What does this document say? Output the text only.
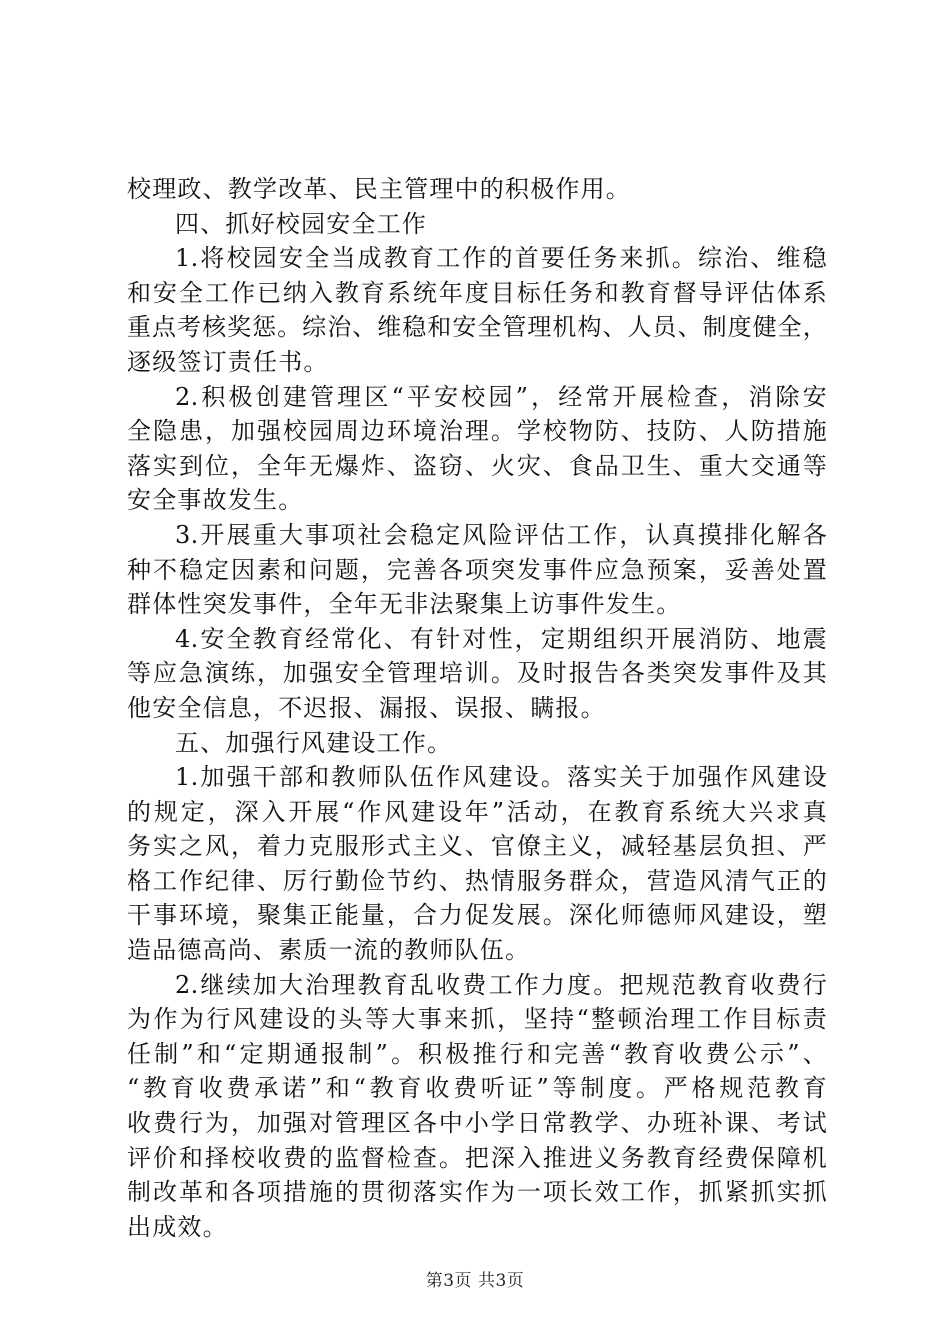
校理政、教学改革、民主管理中的积极作用。
四、抓好校园安全工作
1.将校园安全当成教育工作的首要任务来抓。综治、维稳
和安全工作已纳入教育系统年度目标任务和教育督导评估体系
重点考核奖惩。综治、维稳和安全管理机构、人员、制度健全，
逐级签订责任书。
2.积极创建管理区“平安校园”，经常开展检查，消除安
全隐患，加强校园周边环境治理。学校物防、技防、人防措施
落实到位，全年无爆炸、盗窃、火灾、食品卫生、重大交通等
安全事故发生。
3.开展重大事项社会稳定风险评估工作，认真摸排化解各
种不稳定因素和问题，完善各项突发事件应急预案，妥善处置
群体性突发事件，全年无非法聚集上访事件发生。
4.安全教育经常化、有针对性，定期组织开展消防、地震
等应急演练，加强安全管理培训。及时报告各类突发事件及其
他安全信息，不迟报、漏报、误报、瞒报。
五、加强行风建设工作。
1.加强干部和教师队伍作风建设。落实关于加强作风建设
的规定，深入开展“作风建设年”活动，在教育系统大兴求真
务实之风，着力克服形式主义、官僚主义，减轻基层负担、严
格工作纪律、厉行勤俭节约、热情服务群众，营造风清气正的
干事环境，聚集正能量，合力促发展。深化师德师风建设，塑
造品德高尚、素质一流的教师队伍。
2.继续加大治理教育乱收费工作力度。把规范教育收费行
为作为行风建设的头等大事来抓，坚持“整顿治理工作目标责
任制”和“定期通报制”。积极推行和完善“教育收费公示”、
“教育收费承诺”和“教育收费听证”等制度。严格规范教育
收费行为，加强对管理区各中小学日常教学、办班补课、考试
评价和择校收费的监督检查。把深入推进义务教育经费保障机
制改革和各项措施的贯彻落实作为一项长效工作，抓紧抓实抓
出成效。
第3页 共3页
